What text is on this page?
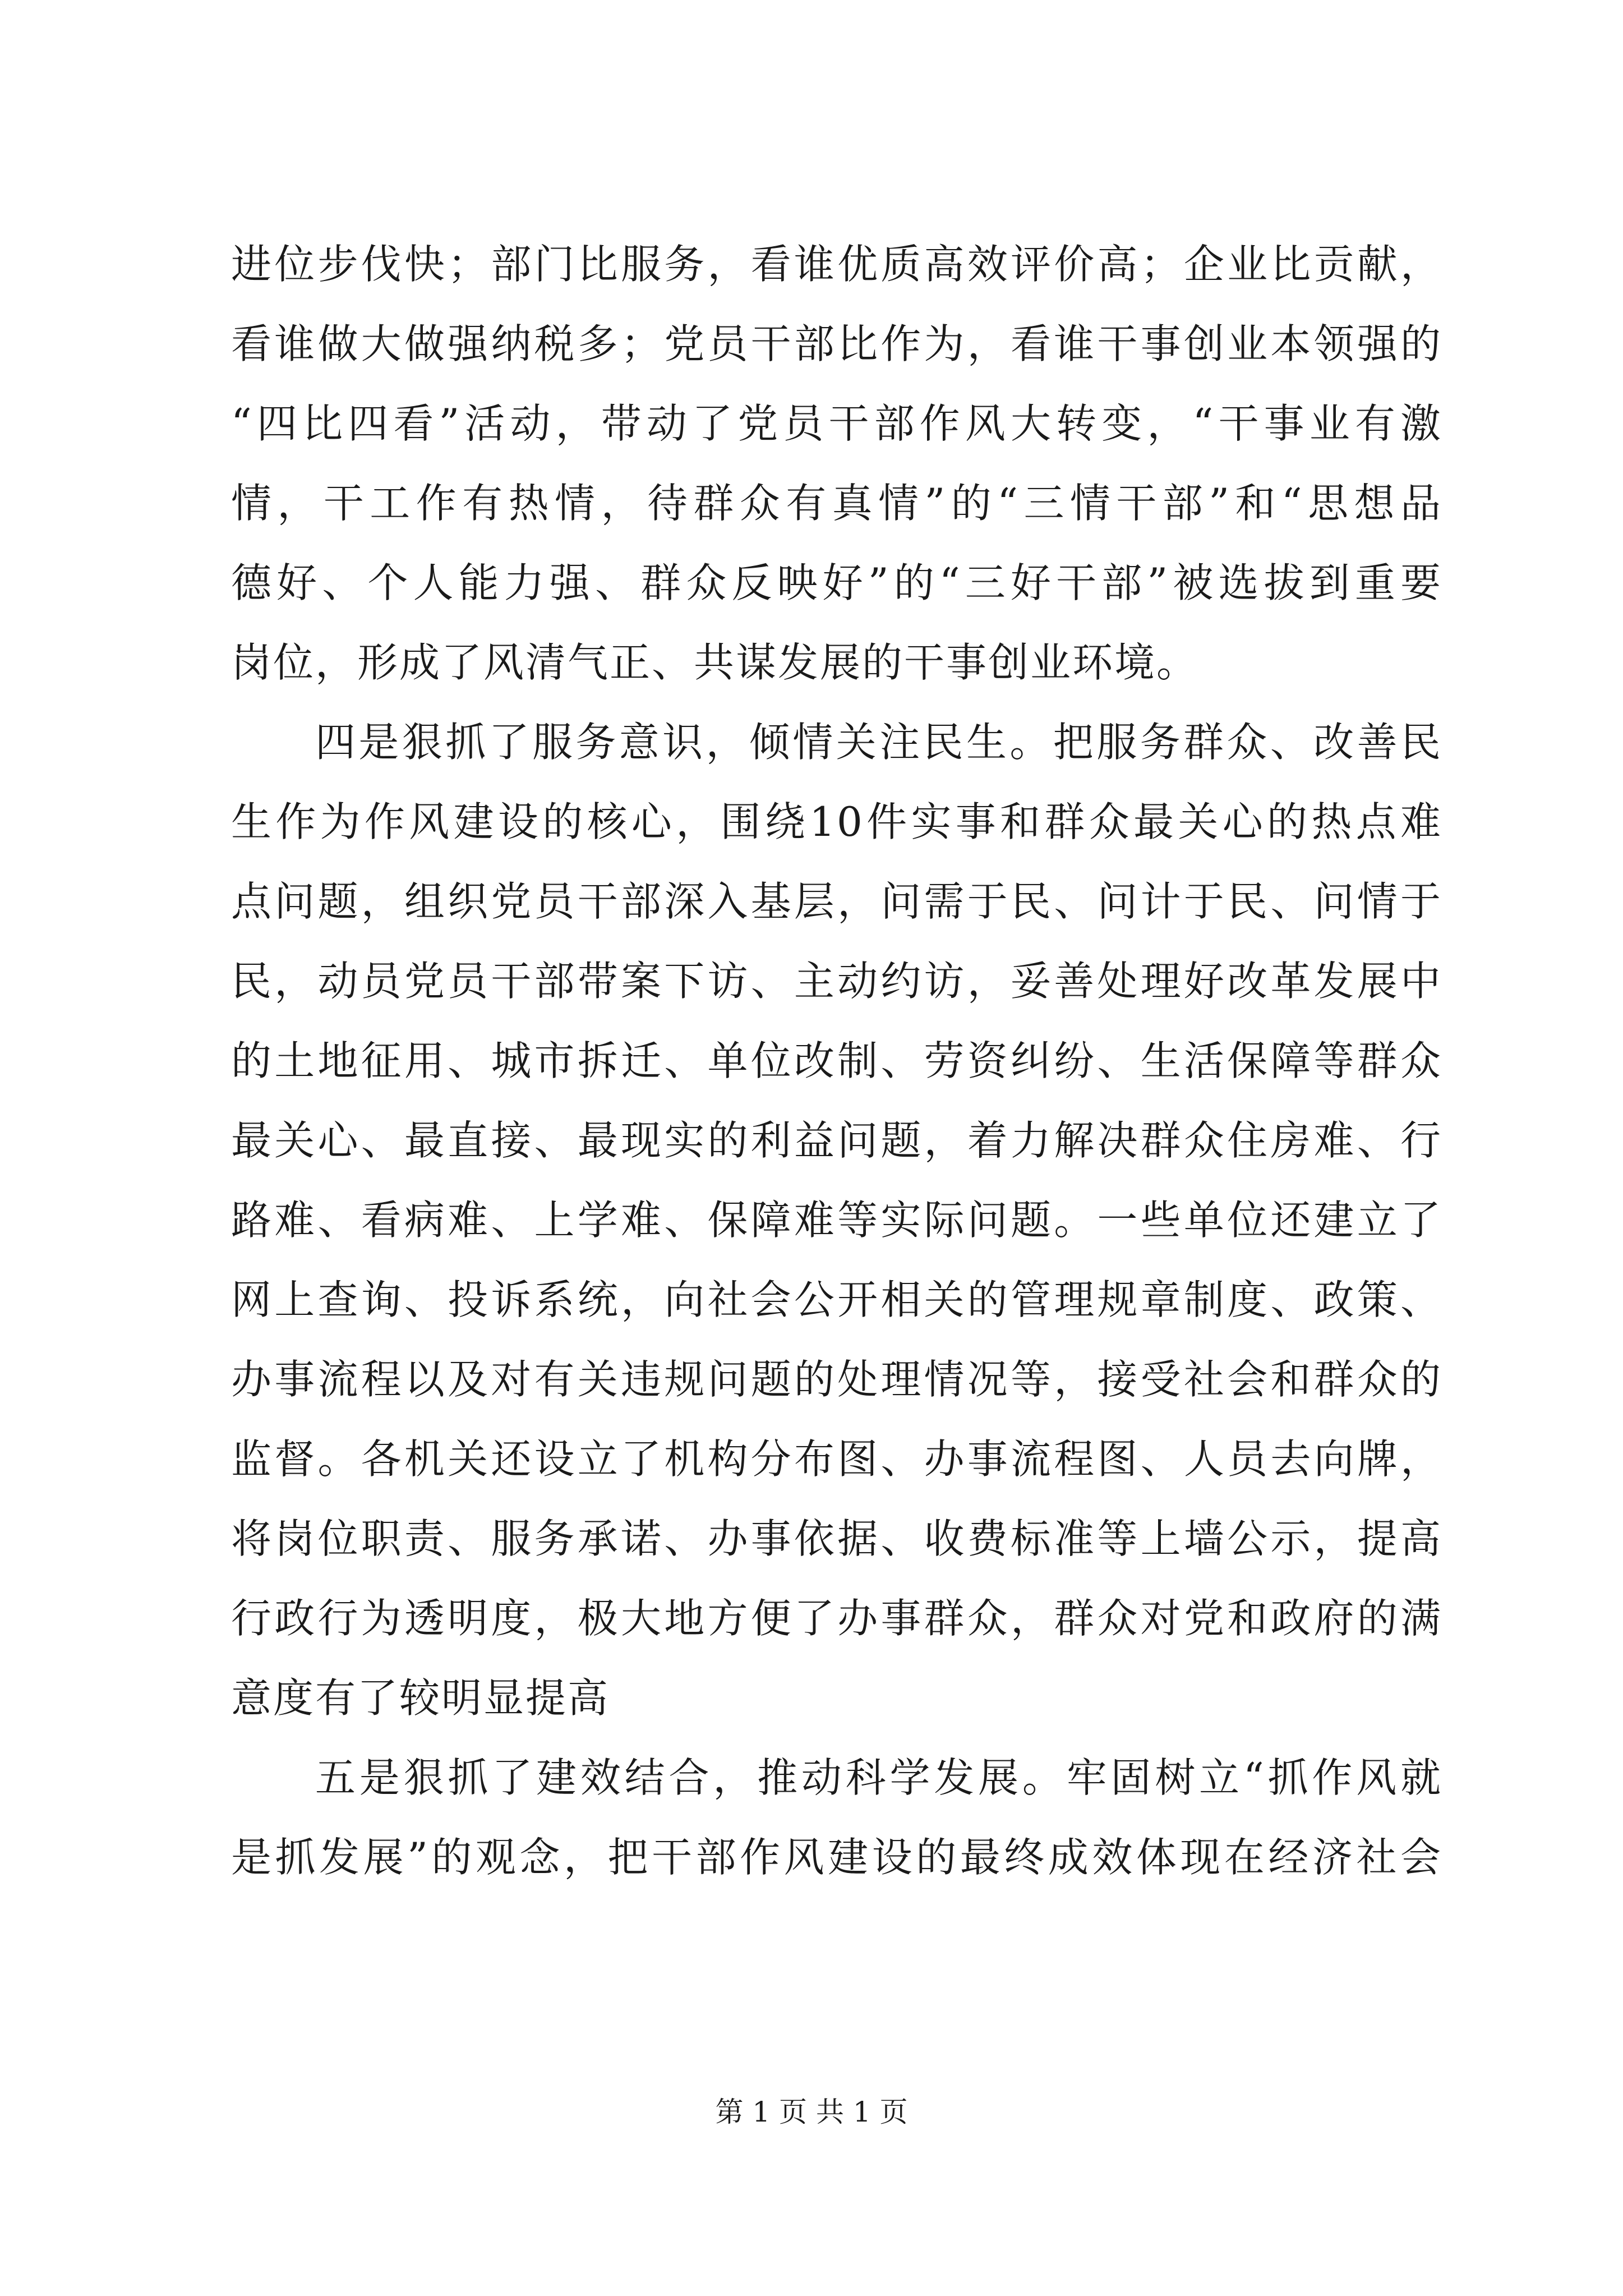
进位步伐快；部门比服务，看谁优质高效评价高；企业比贡献，
看谁做大做强纳税多；党员干部比作为，看谁干事创业本领强的
“四比四看”活动，带动了党员干部作风大转变，“干事业有激
情，干工作有热情，待群众有真情”的“三情干部”和“思想品
德好、个人能力强、群众反映好”的“三好干部”被选拔到重要
岗位，形成了风清气正、共谋发展的干事创业环境。
四是狠抓了服务意识，倾情关注民生。把服务群众、改善民
生作为作风建设的核心，围绕10件实事和群众最关心的热点难
点问题，组织党员干部深入基层，问需于民、问计于民、问情于
民，动员党员干部带案下访、主动约访，妥善处理好改革发展中
的土地征用、城市拆迁、单位改制、劳资纠纷、生活保障等群众
最关心、最直接、最现实的利益问题，着力解决群众住房难、行
路难、看病难、上学难、保障难等实际问题。一些单位还建立了
网上查询、投诉系统，向社会公开相关的管理规章制度、政策、
办事流程以及对有关违规问题的处理情况等，接受社会和群众的
监督。各机关还设立了机构分布图、办事流程图、人员去向牌，
将岗位职责、服务承诺、办事依据、收费标准等上墙公示，提高
行政行为透明度，极大地方便了办事群众，群众对党和政府的满
意度有了较明显提高
五是狠抓了建效结合，推动科学发展。牢固树立“抓作风就
是抓发展”的观念，把干部作风建设的最终成效体现在经济社会
第 1 页 共 1 页
